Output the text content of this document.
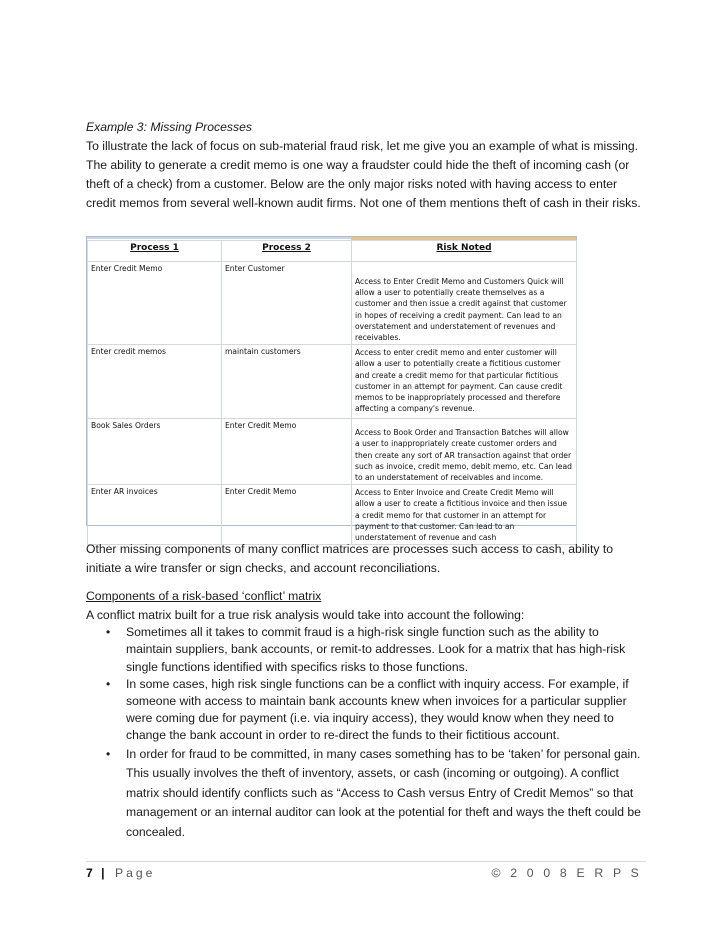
Example 3: Missing Processes

To illustrate the lack of focus on sub-material fraud risk, let me give you an example of what is missing. The ability to generate a credit memo is one way a fraudster could hide the theft of incoming cash (or theft of a check) from a customer. Below are the only major risks noted with having access to enter credit memos from several well-known audit firms. Not one of them mentions theft of cash in their risks.

Process 1	Process 2	Risk Noted
Enter Credit Memo	Enter Customer	Access to Enter Credit Memo and Customers Quick will allow a user to potentially create themselves as a customer and then issue a credit against that customer in hopes of receiving a credit payment. Can lead to an overstatement and understatement of revenues and receivables.
Enter credit memos	maintain customers	Access to enter credit memo and enter customer will allow a user to potentially create a fictitious customer and create a credit memo for that particular fictitious customer in an attempt for payment. Can cause credit memos to be inappropriately processed and therefore affecting a company's revenue.
Book Sales Orders	Enter Credit Memo	Access to Book Order and Transaction Batches will allow a user to inappropriately create customer orders and then create any sort of AR transaction against that order such as invoice, credit memo, debit memo, etc. Can lead to an understatement of receivables and income.
Enter AR invoices	Enter Credit Memo	Access to Enter Invoice and Create Credit Memo will allow a user to create a fictitious invoice and then issue a credit memo for that customer in an attempt for payment to that customer. Can lead to an understatement of revenue and cash

Other missing components of many conflict matrices are processes such access to cash, ability to initiate a wire transfer or sign checks, and account reconciliations.

Components of a risk-based ‘conflict’ matrix

A conflict matrix built for a true risk analysis would take into account the following:

• Sometimes all it takes to commit fraud is a high-risk single function such as the ability to maintain suppliers, bank accounts, or remit-to addresses. Look for a matrix that has high-risk single functions identified with specifics risks to those functions.
• In some cases, high risk single functions can be a conflict with inquiry access. For example, if someone with access to maintain bank accounts knew when invoices for a particular supplier were coming due for payment (i.e. via inquiry access), they would know when they need to change the bank account in order to re-direct the funds to their fictitious account.
• In order for fraud to be committed, in many cases something has to be ‘taken’ for personal gain. This usually involves the theft of inventory, assets, or cash (incoming or outgoing). A conflict matrix should identify conflicts such as “Access to Cash versus Entry of Credit Memos” so that management or an internal auditor can look at the potential for theft and ways the theft could be concealed.
7 | Page	© 2 0 0 8 E R P S
